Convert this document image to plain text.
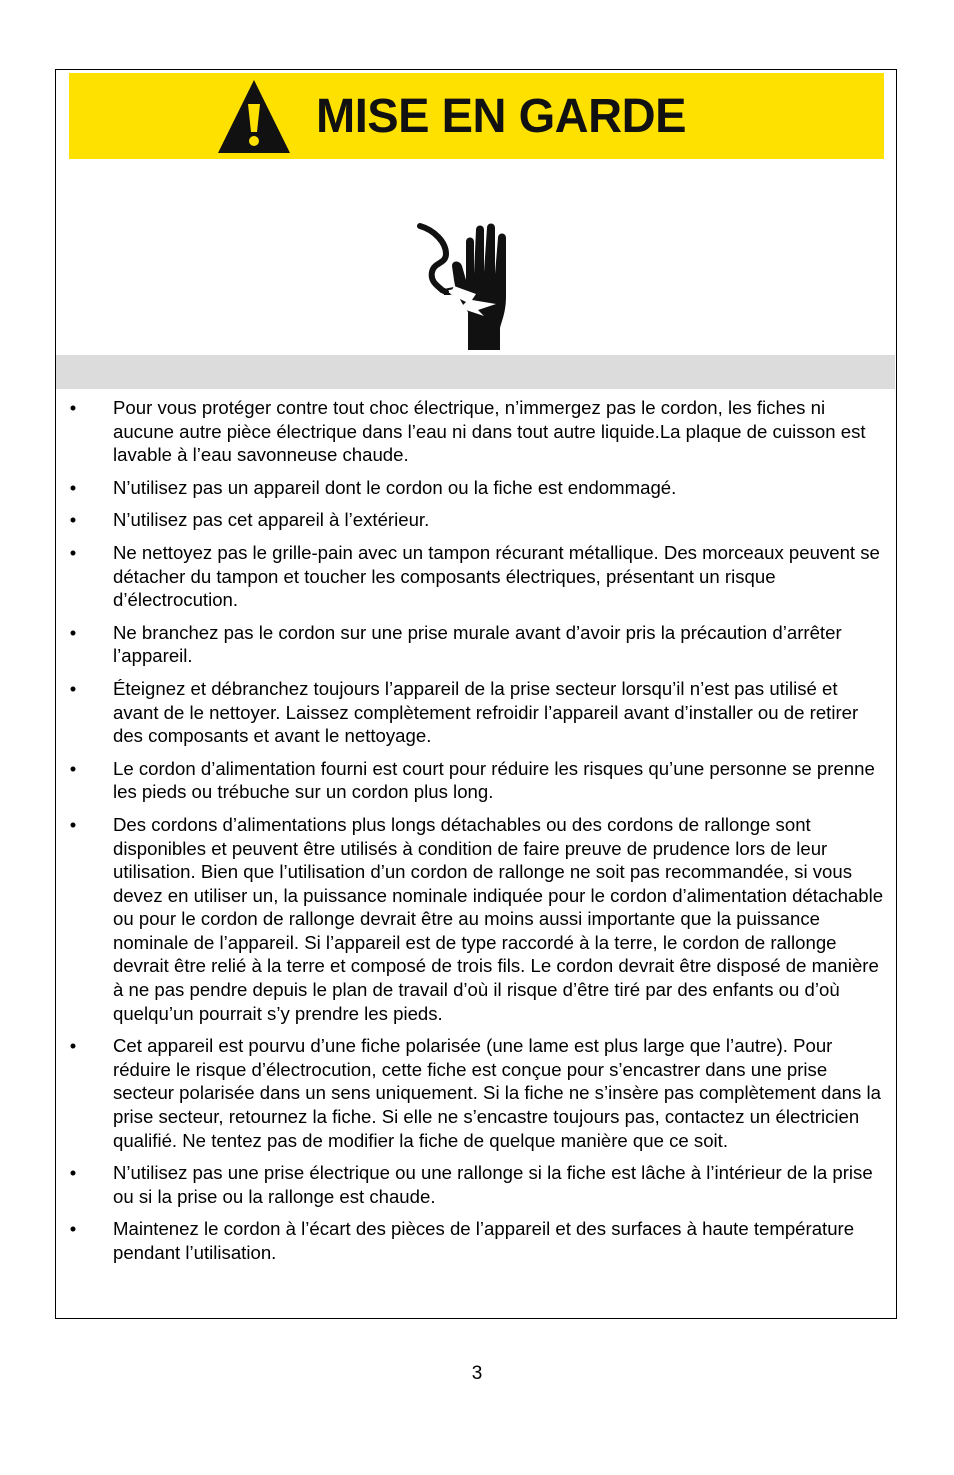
MISE EN GARDE
• Pour vous protéger contre tout choc électrique, n’immergez pas le cordon, les fiches ni aucune autre pièce électrique dans l’eau ni dans tout autre liquide.La plaque de cuisson est lavable à l’eau savonneuse chaude.
• N’utilisez pas un appareil dont le cordon ou la fiche est endommagé.
• N’utilisez pas cet appareil à l’extérieur.
• Ne nettoyez pas le grille-pain avec un tampon récurant métallique. Des morceaux peuvent se détacher du tampon et toucher les composants électriques, présentant un risque d’électrocution.
• Ne branchez pas le cordon sur une prise murale avant d’avoir pris la précaution d’arrêter l’appareil.
• Éteignez et débranchez toujours l’appareil de la prise secteur lorsqu’il n’est pas utilisé et avant de le nettoyer. Laissez complètement refroidir l’appareil avant d’installer ou de retirer des composants et avant le nettoyage.
• Le cordon d’alimentation fourni est court pour réduire les risques qu’une personne se prenne les pieds ou trébuche sur un cordon plus long.
• Des cordons d’alimentations plus longs détachables ou des cordons de rallonge sont disponibles et peuvent être utilisés à condition de faire preuve de prudence lors de leur utilisation. Bien que l’utilisation d’un cordon de rallonge ne soit pas recommandée, si vous devez en utiliser un, la puissance nominale indiquée pour le cordon d’alimentation détachable ou pour le cordon de rallonge devrait être au moins aussi importante que la puissance nominale de l’appareil. Si l’appareil est de type raccordé à la terre, le cordon de rallonge devrait être relié à la terre et composé de trois fils. Le cordon devrait être disposé de manière à ne pas pendre depuis le plan de travail d’où il risque d’être tiré par des enfants ou d’où quelqu’un pourrait s’y prendre les pieds.
• Cet appareil est pourvu d’une fiche polarisée (une lame est plus large que l’autre). Pour réduire le risque d’électrocution, cette fiche est conçue pour s’encastrer dans une prise secteur polarisée dans un sens uniquement. Si la fiche ne s’insère pas complètement dans la prise secteur, retournez la fiche. Si elle ne s’encastre toujours pas, contactez un électricien qualifié. Ne tentez pas de modifier la fiche de quelque manière que ce soit.
• N’utilisez pas une prise électrique ou une rallonge si la fiche est lâche à l’intérieur de la prise ou si la prise ou la rallonge est chaude.
• Maintenez le cordon à l’écart des pièces de l’appareil et des surfaces à haute température pendant l’utilisation.
3
